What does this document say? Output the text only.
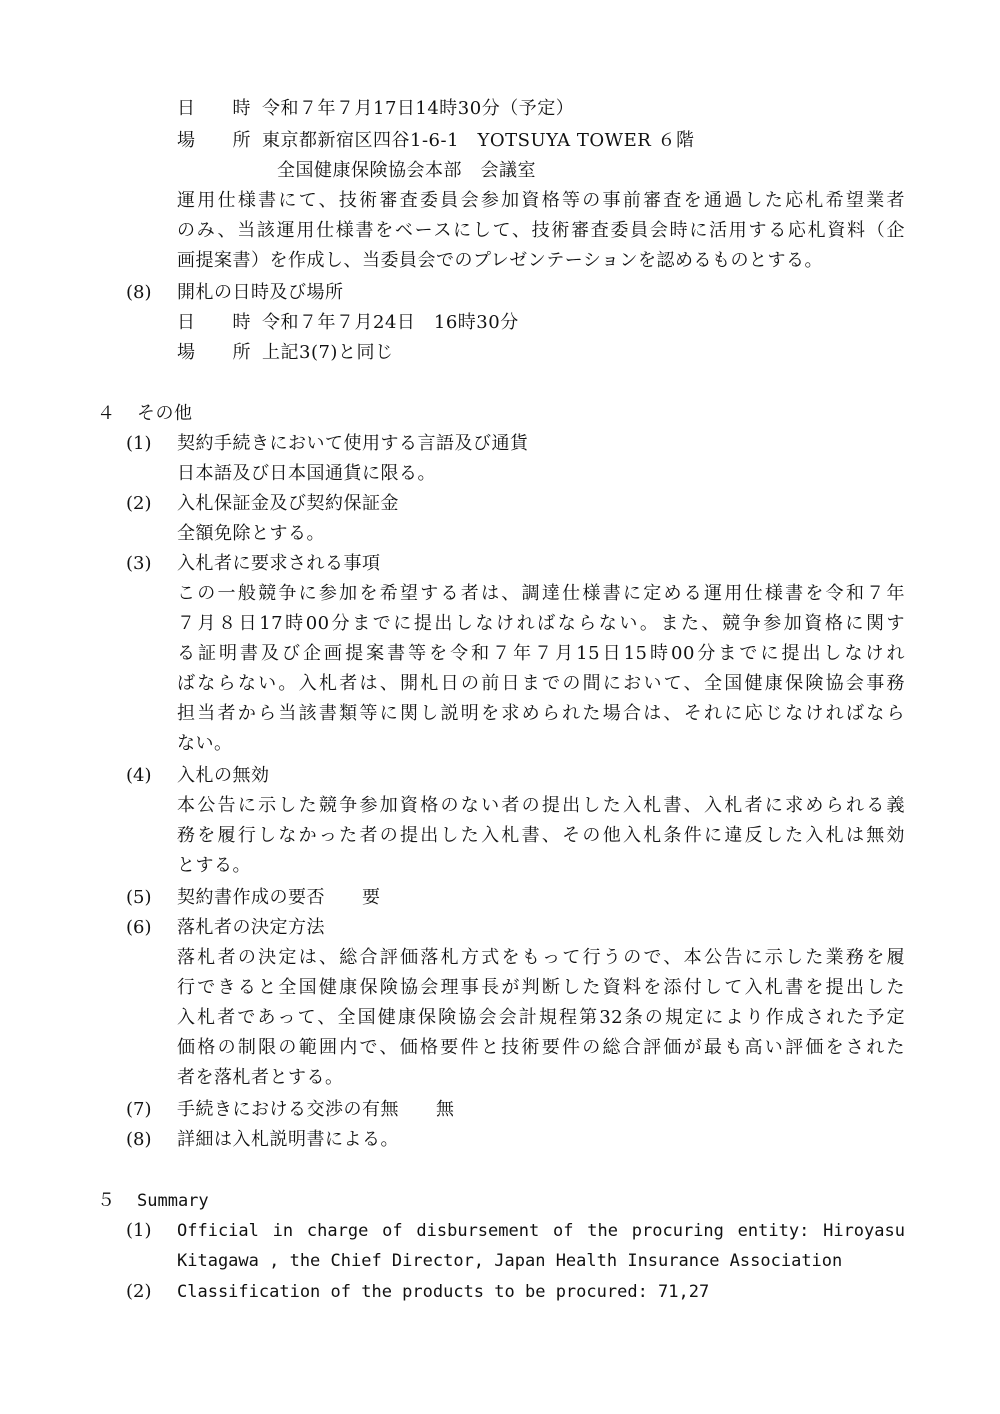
日　　時 令和７年７月17日14時30分（予定）
場　　所 東京都新宿区四谷1-6-1　YOTSUYA TOWER ６階
全国健康保険協会本部　会議室
運用仕様書にて、技術審査委員会参加資格等の事前審査を通過した応札希望業者
のみ、当該運用仕様書をベースにして、技術審査委員会時に活用する応札資料（企
画提案書）を作成し、当委員会でのプレゼンテーションを認めるものとする。
(8) 開札の日時及び場所
日　　時 令和７年７月24日　16時30分
場　　所 上記3(7)と同じ
４ その他
(1) 契約手続きにおいて使用する言語及び通貨
日本語及び日本国通貨に限る。
(2) 入札保証金及び契約保証金
全額免除とする。
(3) 入札者に要求される事項
この一般競争に参加を希望する者は、調達仕様書に定める運用仕様書を令和７年
７月８日17時00分までに提出しなければならない。また、競争参加資格に関す
る証明書及び企画提案書等を令和７年７月15日15時00分までに提出しなけれ
ばならない。入札者は、開札日の前日までの間において、全国健康保険協会事務
担当者から当該書類等に関し説明を求められた場合は、それに応じなければなら
ない。
(4) 入札の無効
本公告に示した競争参加資格のない者の提出した入札書、入札者に求められる義
務を履行しなかった者の提出した入札書、その他入札条件に違反した入札は無効
とする。
(5) 契約書作成の要否　　要
(6) 落札者の決定方法
落札者の決定は、総合評価落札方式をもって行うので、本公告に示した業務を履
行できると全国健康保険協会理事長が判断した資料を添付して入札書を提出した
入札者であって、全国健康保険協会会計規程第32条の規定により作成された予定
価格の制限の範囲内で、価格要件と技術要件の総合評価が最も高い評価をされた
者を落札者とする。
(7) 手続きにおける交渉の有無　　無
(8) 詳細は入札説明書による。
５ Summary
(1) Official in charge of disbursement of the procuring entity: Hiroyasu
Kitagawa , the Chief Director, Japan Health Insurance Association
(2) Classification of the products to be procured: 71,27
